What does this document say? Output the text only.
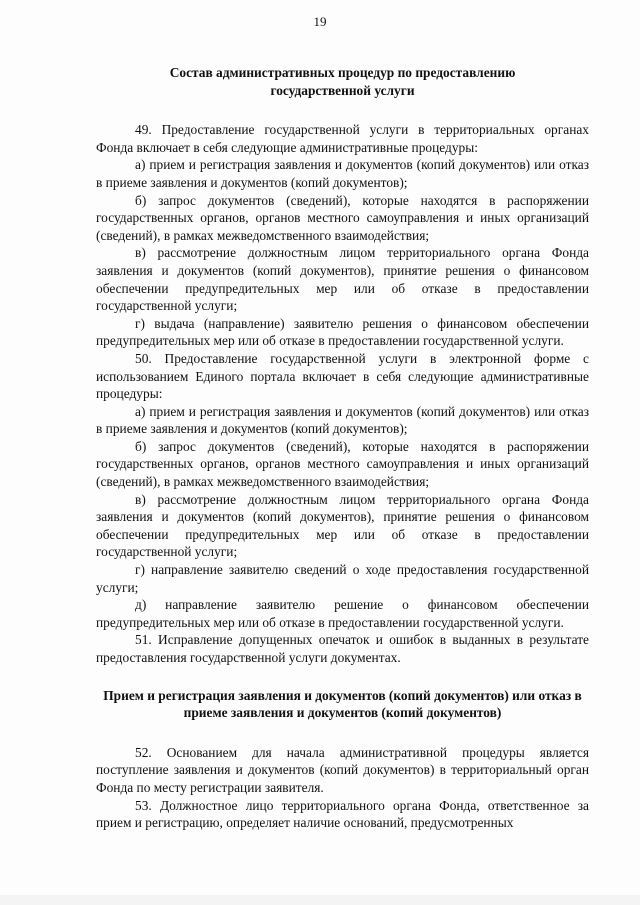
19
Состав административных процедур по предоставлению государственной услуги

49. Предоставление государственной услуги в территориальных органах Фонда включает в себя следующие административные процедуры:

а) прием и регистрация заявления и документов (копий документов) или отказ в приеме заявления и документов (копий документов);

б) запрос документов (сведений), которые находятся в распоряжении государственных органов, органов местного самоуправления и иных организаций (сведений), в рамках межведомственного взаимодействия;

в) рассмотрение должностным лицом территориального органа Фонда заявления и документов (копий документов), принятие решения о финансовом обеспечении предупредительных мер или об отказе в предоставлении государственной услуги;

г) выдача (направление) заявителю решения о финансовом обеспечении предупредительных мер или об отказе в предоставлении государственной услуги.

50. Предоставление государственной услуги в электронной форме с использованием Единого портала включает в себя следующие административные процедуры:

а) прием и регистрация заявления и документов (копий документов) или отказ в приеме заявления и документов (копий документов);

б) запрос документов (сведений), которые находятся в распоряжении государственных органов, органов местного самоуправления и иных организаций (сведений), в рамках межведомственного взаимодействия;

в) рассмотрение должностным лицом территориального органа Фонда заявления и документов (копий документов), принятие решения о финансовом обеспечении предупредительных мер или об отказе в предоставлении государственной услуги;

г) направление заявителю сведений о ходе предоставления государственной услуги;

д) направление заявителю решение о финансовом обеспечении предупредительных мер или об отказе в предоставлении государственной услуги.

51. Исправление допущенных опечаток и ошибок в выданных в результате предоставления государственной услуги документах.

Прием и регистрация заявления и документов (копий документов) или отказ в приеме заявления и документов (копий документов)

52. Основанием для начала административной процедуры является поступление заявления и документов (копий документов) в территориальный орган Фонда по месту регистрации заявителя.

53. Должностное лицо территориального органа Фонда, ответственное за прием и регистрацию, определяет наличие оснований, предусмотренных
